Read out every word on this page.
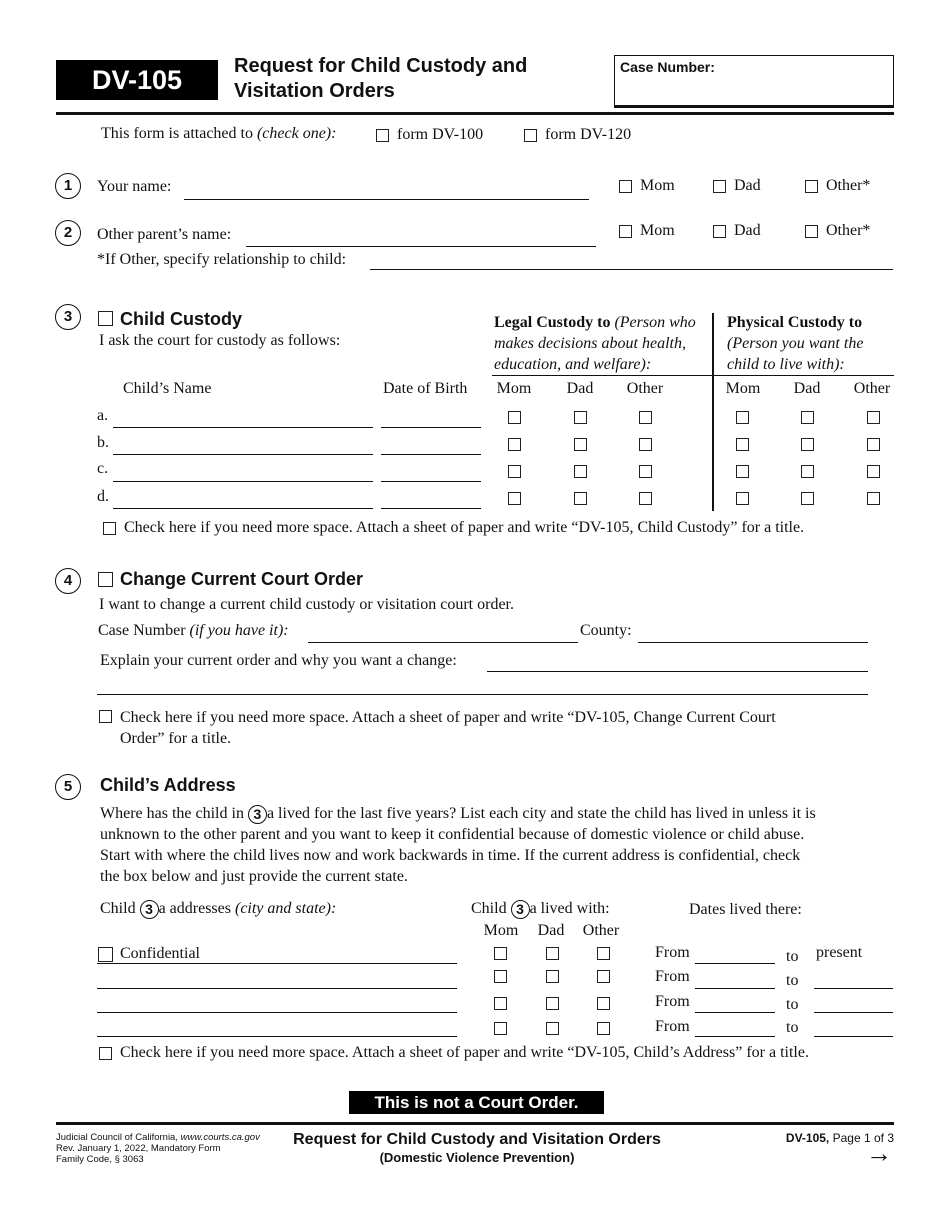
DV-105	Request for Child Custody and
Visitation Orders
Case Number:
This form is attached to (check one):	form DV-100	form DV-120
1	Your name:	Mom	Dad	Other*
2	Other parent’s name:	Mom	Dad	Other*
*If Other, specify relationship to child:
3	Child Custody
I ask the court for custody as follows:
Legal Custody to (Person who
makes decisions about health,
education, and welfare):
Physical Custody to
(Person you want the
child to live with):
Child’s Name	Date of Birth	Mom	Dad	Other	Mom	Dad	Other
a.
b.
c.
d.
Check here if you need more space. Attach a sheet of paper and write “DV-105, Child Custody” for a title.
4	Change Current Court Order
I want to change a current child custody or visitation court order.
Case Number (if you have it):	County:
Explain your current order and why you want a change:
Check here if you need more space. Attach a sheet of paper and write “DV-105, Change Current Court
Order” for a title.
5	Child’s Address
Where has the child in 3 a lived for the last five years? List each city and state the child has lived in unless it is
unknown to the other parent and you want to keep it confidential because of domestic violence or child abuse.
Start with where the child lives now and work backwards in time. If the current address is confidential, check
the box below and just provide the current state.
Child 3 a addresses (city and state):	Child 3 a lived with:	Dates lived there:
Mom	Dad	Other
Confidential	From	to present
From	to
From	to
From	to
Check here if you need more space. Attach a sheet of paper and write “DV-105, Child’s Address” for a title.
This is not a Court Order.
Judicial Council of California, www.courts.ca.gov
Rev. January 1, 2022, Mandatory Form
Family Code, § 3063
Request for Child Custody and Visitation Orders
(Domestic Violence Prevention)
DV-105, Page 1 of 3
→
